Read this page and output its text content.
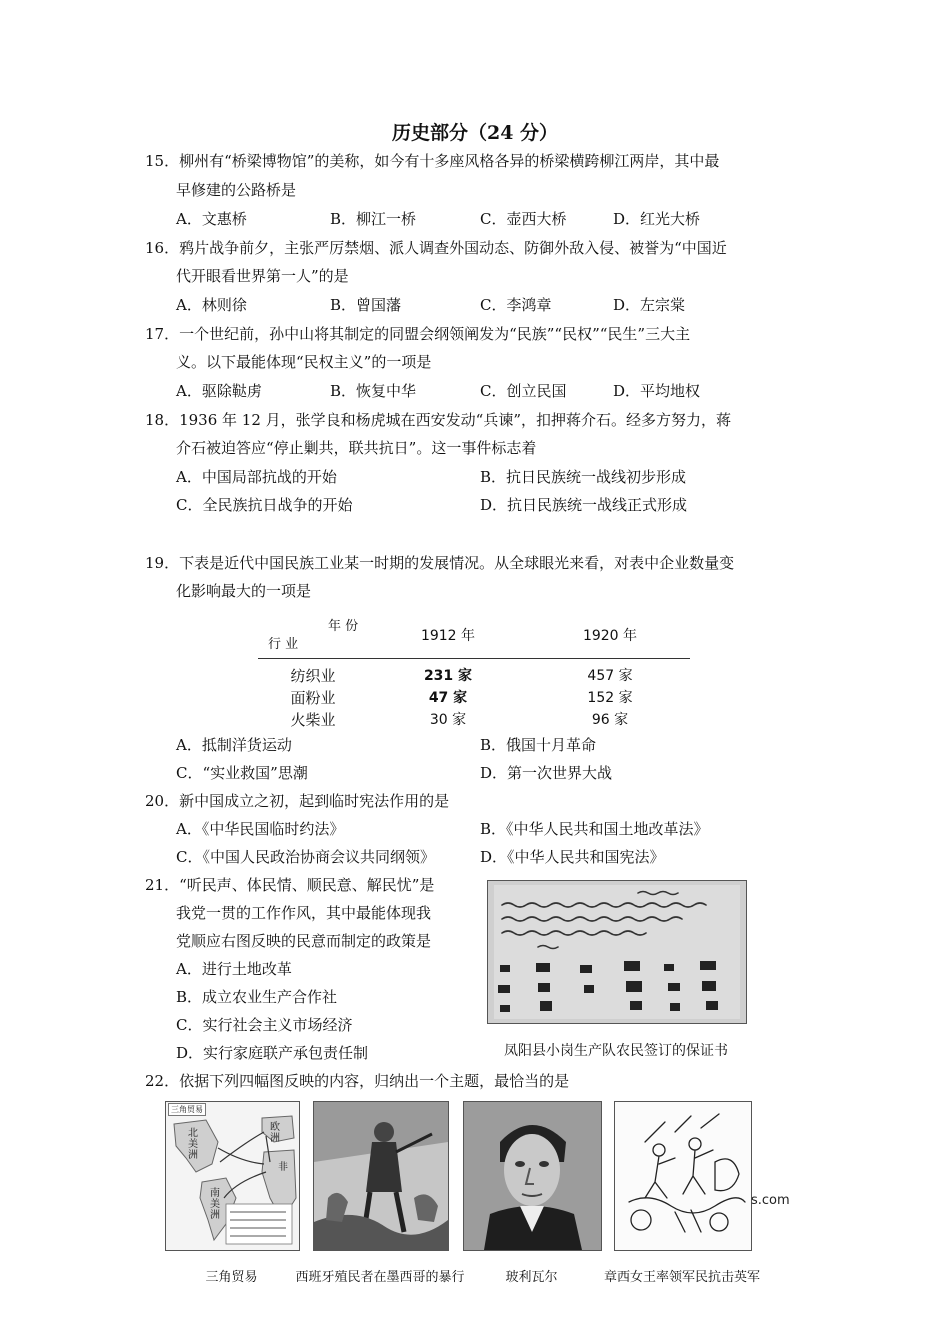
历史部分（24 分）
15．柳州有“桥梁博物馆”的美称，如今有十多座风格各异的桥梁横跨柳江两岸，其中最
早修建的公路桥是
A．文惠桥	B．柳江一桥	C．壶西大桥	D．红光大桥
16．鸦片战争前夕，主张严厉禁烟、派人调查外国动态、防御外敌入侵、被誉为“中国近
代开眼看世界第一人”的是
A．林则徐	B．曾国藩	C．李鸿章	D．左宗棠
17．一个世纪前，孙中山将其制定的同盟会纲领阐发为“民族”“民权”“民生”三大主
义。以下最能体现“民权主义”的一项是
A．驱除鞑虏	B．恢复中华	C．创立民国	D．平均地权
18．1936 年 12 月，张学良和杨虎城在西安发动“兵谏”，扣押蒋介石。经多方努力，蒋
介石被迫答应“停止剿共，联共抗日”。这一事件标志着
A．中国局部抗战的开始	B．抗日民族统一战线初步形成
C．全民族抗日战争的开始	D．抗日民族统一战线正式形成
19．下表是近代中国民族工业某一时期的发展情况。从全球眼光来看，对表中企业数量变
化影响最大的一项是
年 份
行 业
1912 年	1920 年
纺织业	231 家	457 家
面粉业	47 家	152 家
火柴业	30 家	96 家
A．抵制洋货运动	B．俄国十月革命
C．“实业救国”思潮	D．第一次世界大战
20．新中国成立之初，起到临时宪法作用的是
A．《中华民国临时约法》	B．《中华人民共和国土地改革法》
C．《中国人民政治协商会议共同纲领》	D．《中华人民共和国宪法》
21．“听民声、体民情、顺民意、解民忧”是
我党一贯的工作作风，其中最能体现我
党顺应右图反映的民意而制定的政策是
A．进行土地改革
B．成立农业生产合作社
C．实行社会主义市场经济
D．实行家庭联产承包责任制	凤阳县小岗生产队农民签订的保证书
22．依据下列四幅图反映的内容，归纳出一个主题，最恰当的是
三角贸易
北美洲
欧洲
南美洲
非
s.com
三角贸易	西班牙殖民者在墨西哥的暴行	玻利瓦尔	章西女王率领军民抗击英军
